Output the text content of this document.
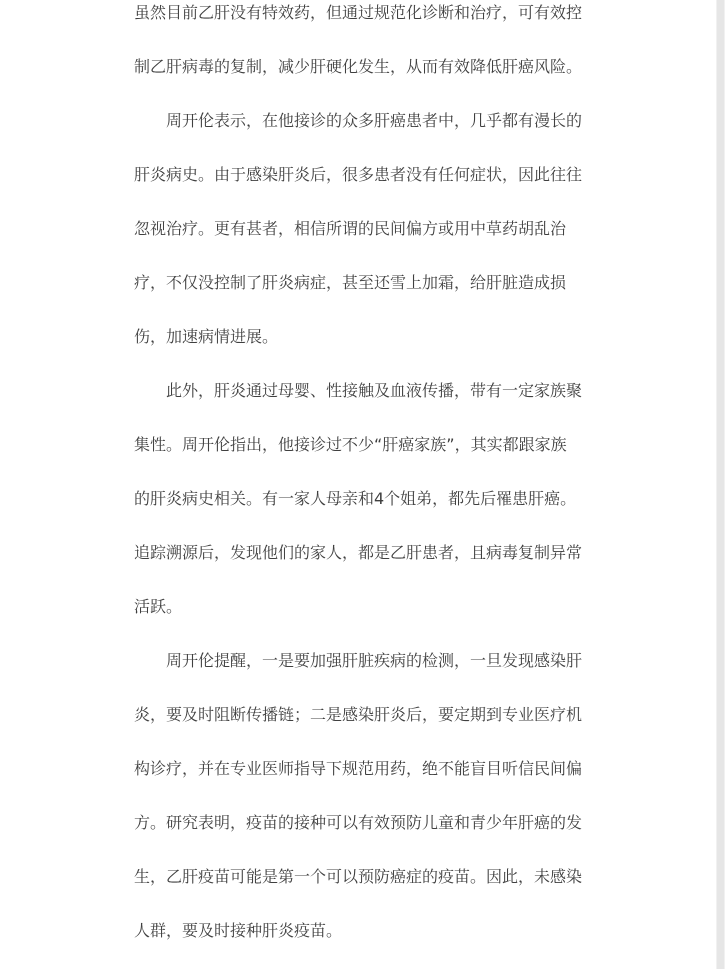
虽然目前乙肝没有特效药，但通过规范化诊断和治疗，可有效控

制乙肝病毒的复制，减少肝硬化发生，从而有效降低肝癌风险。

周开伦表示，在他接诊的众多肝癌患者中，几乎都有漫长的

肝炎病史。由于感染肝炎后，很多患者没有任何症状，因此往往

忽视治疗。更有甚者，相信所谓的民间偏方或用中草药胡乱治

疗，不仅没控制了肝炎病症，甚至还雪上加霜，给肝脏造成损

伤，加速病情进展。

此外，肝炎通过母婴、性接触及血液传播，带有一定家族聚

集性。周开伦指出，他接诊过不少“肝癌家族”，其实都跟家族

的肝炎病史相关。有一家人母亲和4个姐弟，都先后罹患肝癌。

追踪溯源后，发现他们的家人，都是乙肝患者，且病毒复制异常

活跃。

周开伦提醒，一是要加强肝脏疾病的检测，一旦发现感染肝

炎，要及时阻断传播链；二是感染肝炎后，要定期到专业医疗机

构诊疗，并在专业医师指导下规范用药，绝不能盲目听信民间偏

方。研究表明，疫苗的接种可以有效预防儿童和青少年肝癌的发

生，乙肝疫苗可能是第一个可以预防癌症的疫苗。因此，未感染

人群，要及时接种肝炎疫苗。
